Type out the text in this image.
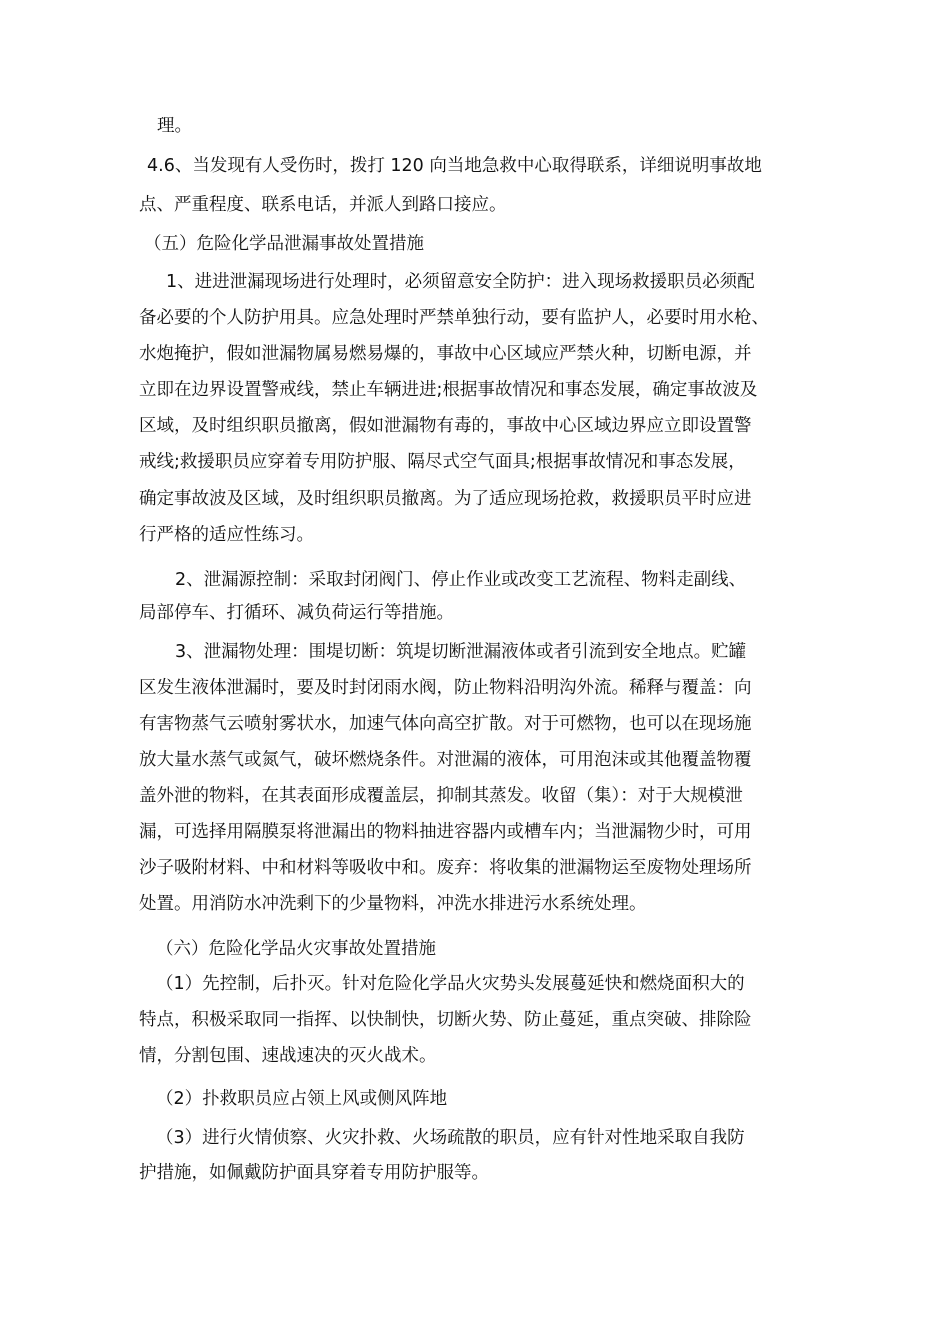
理。
4.6、当发现有人受伤时，拨打 120 向当地急救中心取得联系，详细说明事故地
点、严重程度、联系电话，并派人到路口接应。
（五）危险化学品泄漏事故处置措施
1、进进泄漏现场进行处理时，必须留意安全防护：进入现场救援职员必须配
备必要的个人防护用具。应急处理时严禁单独行动，要有监护人，必要时用水枪、
水炮掩护，假如泄漏物属易燃易爆的，事故中心区域应严禁火种，切断电源，并
立即在边界设置警戒线，禁止车辆进进;根据事故情况和事态发展，确定事故波及
区域，及时组织职员撤离，假如泄漏物有毒的，事故中心区域边界应立即设置警
戒线;救援职员应穿着专用防护服、隔尽式空气面具;根据事故情况和事态发展，
确定事故波及区域，及时组织职员撤离。为了适应现场抢救，救援职员平时应进
行严格的适应性练习。
2、泄漏源控制：采取封闭阀门、停止作业或改变工艺流程、物料走副线、
局部停车、打循环、减负荷运行等措施。
3、泄漏物处理：围堤切断：筑堤切断泄漏液体或者引流到安全地点。贮罐
区发生液体泄漏时，要及时封闭雨水阀，防止物料沿明沟外流。稀释与覆盖：向
有害物蒸气云喷射雾状水，加速气体向高空扩散。对于可燃物，也可以在现场施
放大量水蒸气或氮气，破坏燃烧条件。对泄漏的液体，可用泡沫或其他覆盖物覆
盖外泄的物料，在其表面形成覆盖层，抑制其蒸发。收留（集）：对于大规模泄
漏，可选择用隔膜泵将泄漏出的物料抽进容器内或槽车内；当泄漏物少时，可用
沙子吸附材料、中和材料等吸收中和。废弃：将收集的泄漏物运至废物处理场所
处置。用消防水冲洗剩下的少量物料，冲洗水排进污水系统处理。
（六）危险化学品火灾事故处置措施
（1）先控制，后扑灭。针对危险化学品火灾势头发展蔓延快和燃烧面积大的
特点，积极采取同一指挥、以快制快，切断火势、防止蔓延，重点突破、排除险
情，分割包围、速战速决的灭火战术。
（2）扑救职员应占领上风或侧风阵地
（3）进行火情侦察、火灾扑救、火场疏散的职员，应有针对性地采取自我防
护措施，如佩戴防护面具穿着专用防护服等。
